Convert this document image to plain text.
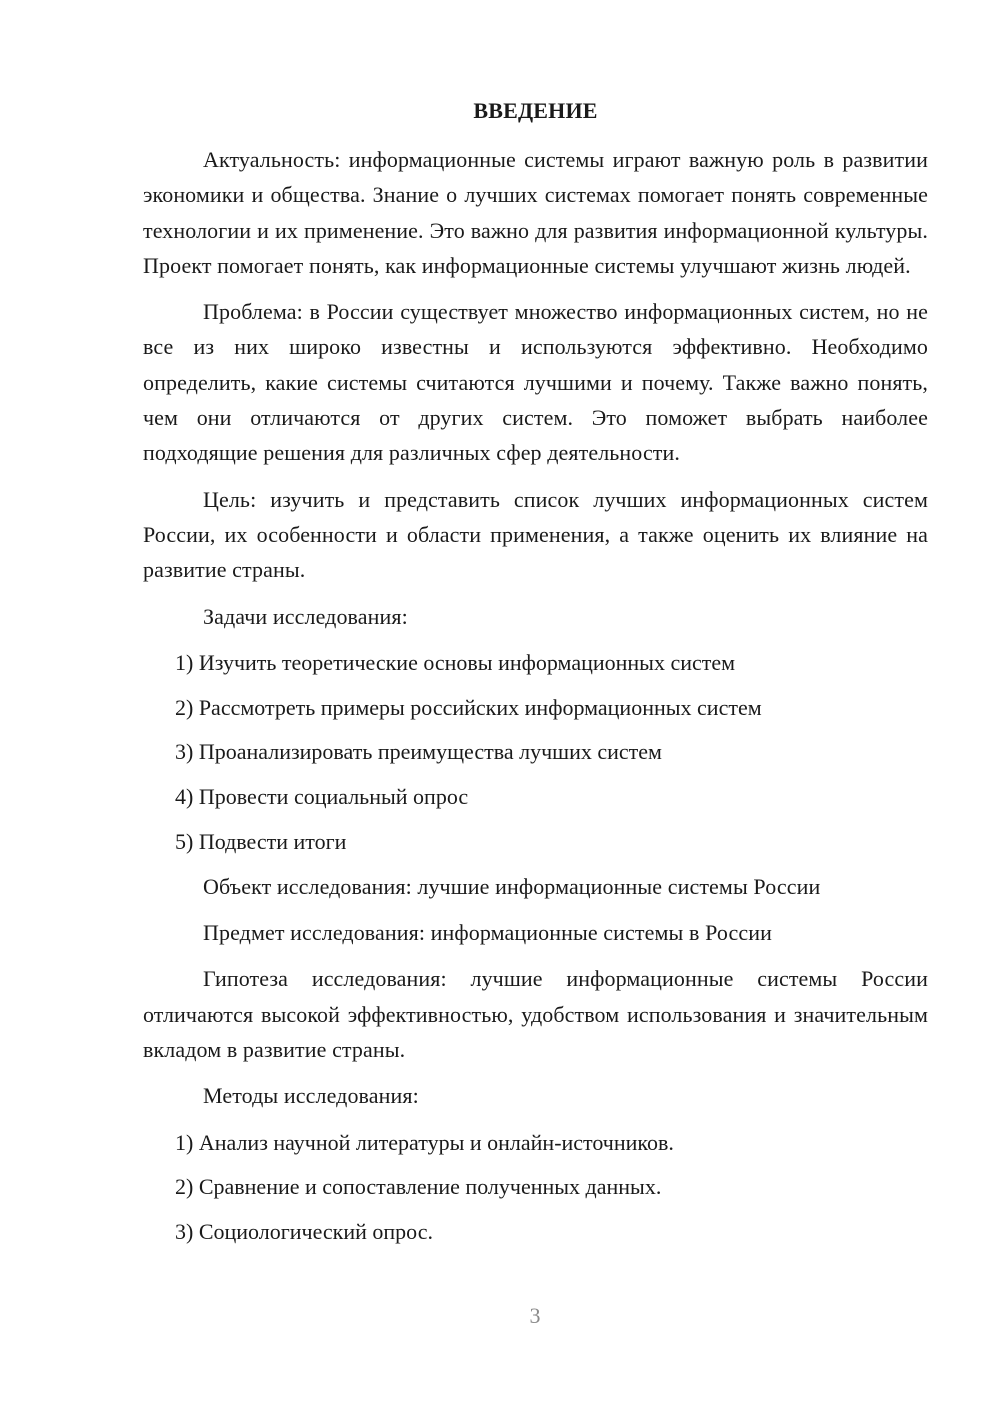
ВВЕДЕНИЕ

Актуальность: информационные системы играют важную роль в развитии экономики и общества. Знание о лучших системах помогает понять современные технологии и их применение. Это важно для развития информационной культуры. Проект помогает понять, как информационные системы улучшают жизнь людей.

Проблема: в России существует множество информационных систем, но не все из них широко известны и используются эффективно. Необходимо определить, какие системы считаются лучшими и почему. Также важно понять, чем они отличаются от других систем. Это поможет выбрать наиболее подходящие решения для различных сфер деятельности.

Цель: изучить и представить список лучших информационных систем России, их особенности и области применения, а также оценить их влияние на развитие страны.

Задачи исследования:

1) Изучить теоретические основы информационных систем
2) Рассмотреть примеры российских информационных систем
3) Проанализировать преимущества лучших систем
4) Провести социальный опрос
5) Подвести итоги

Объект исследования: лучшие информационные системы России

Предмет исследования: информационные системы в России

Гипотеза исследования: лучшие информационные системы России отличаются высокой эффективностью, удобством использования и значительным вкладом в развитие страны.

Методы исследования:

1) Анализ научной литературы и онлайн-источников.
2) Сравнение и сопоставление полученных данных.
3) Социологический опрос.
3
